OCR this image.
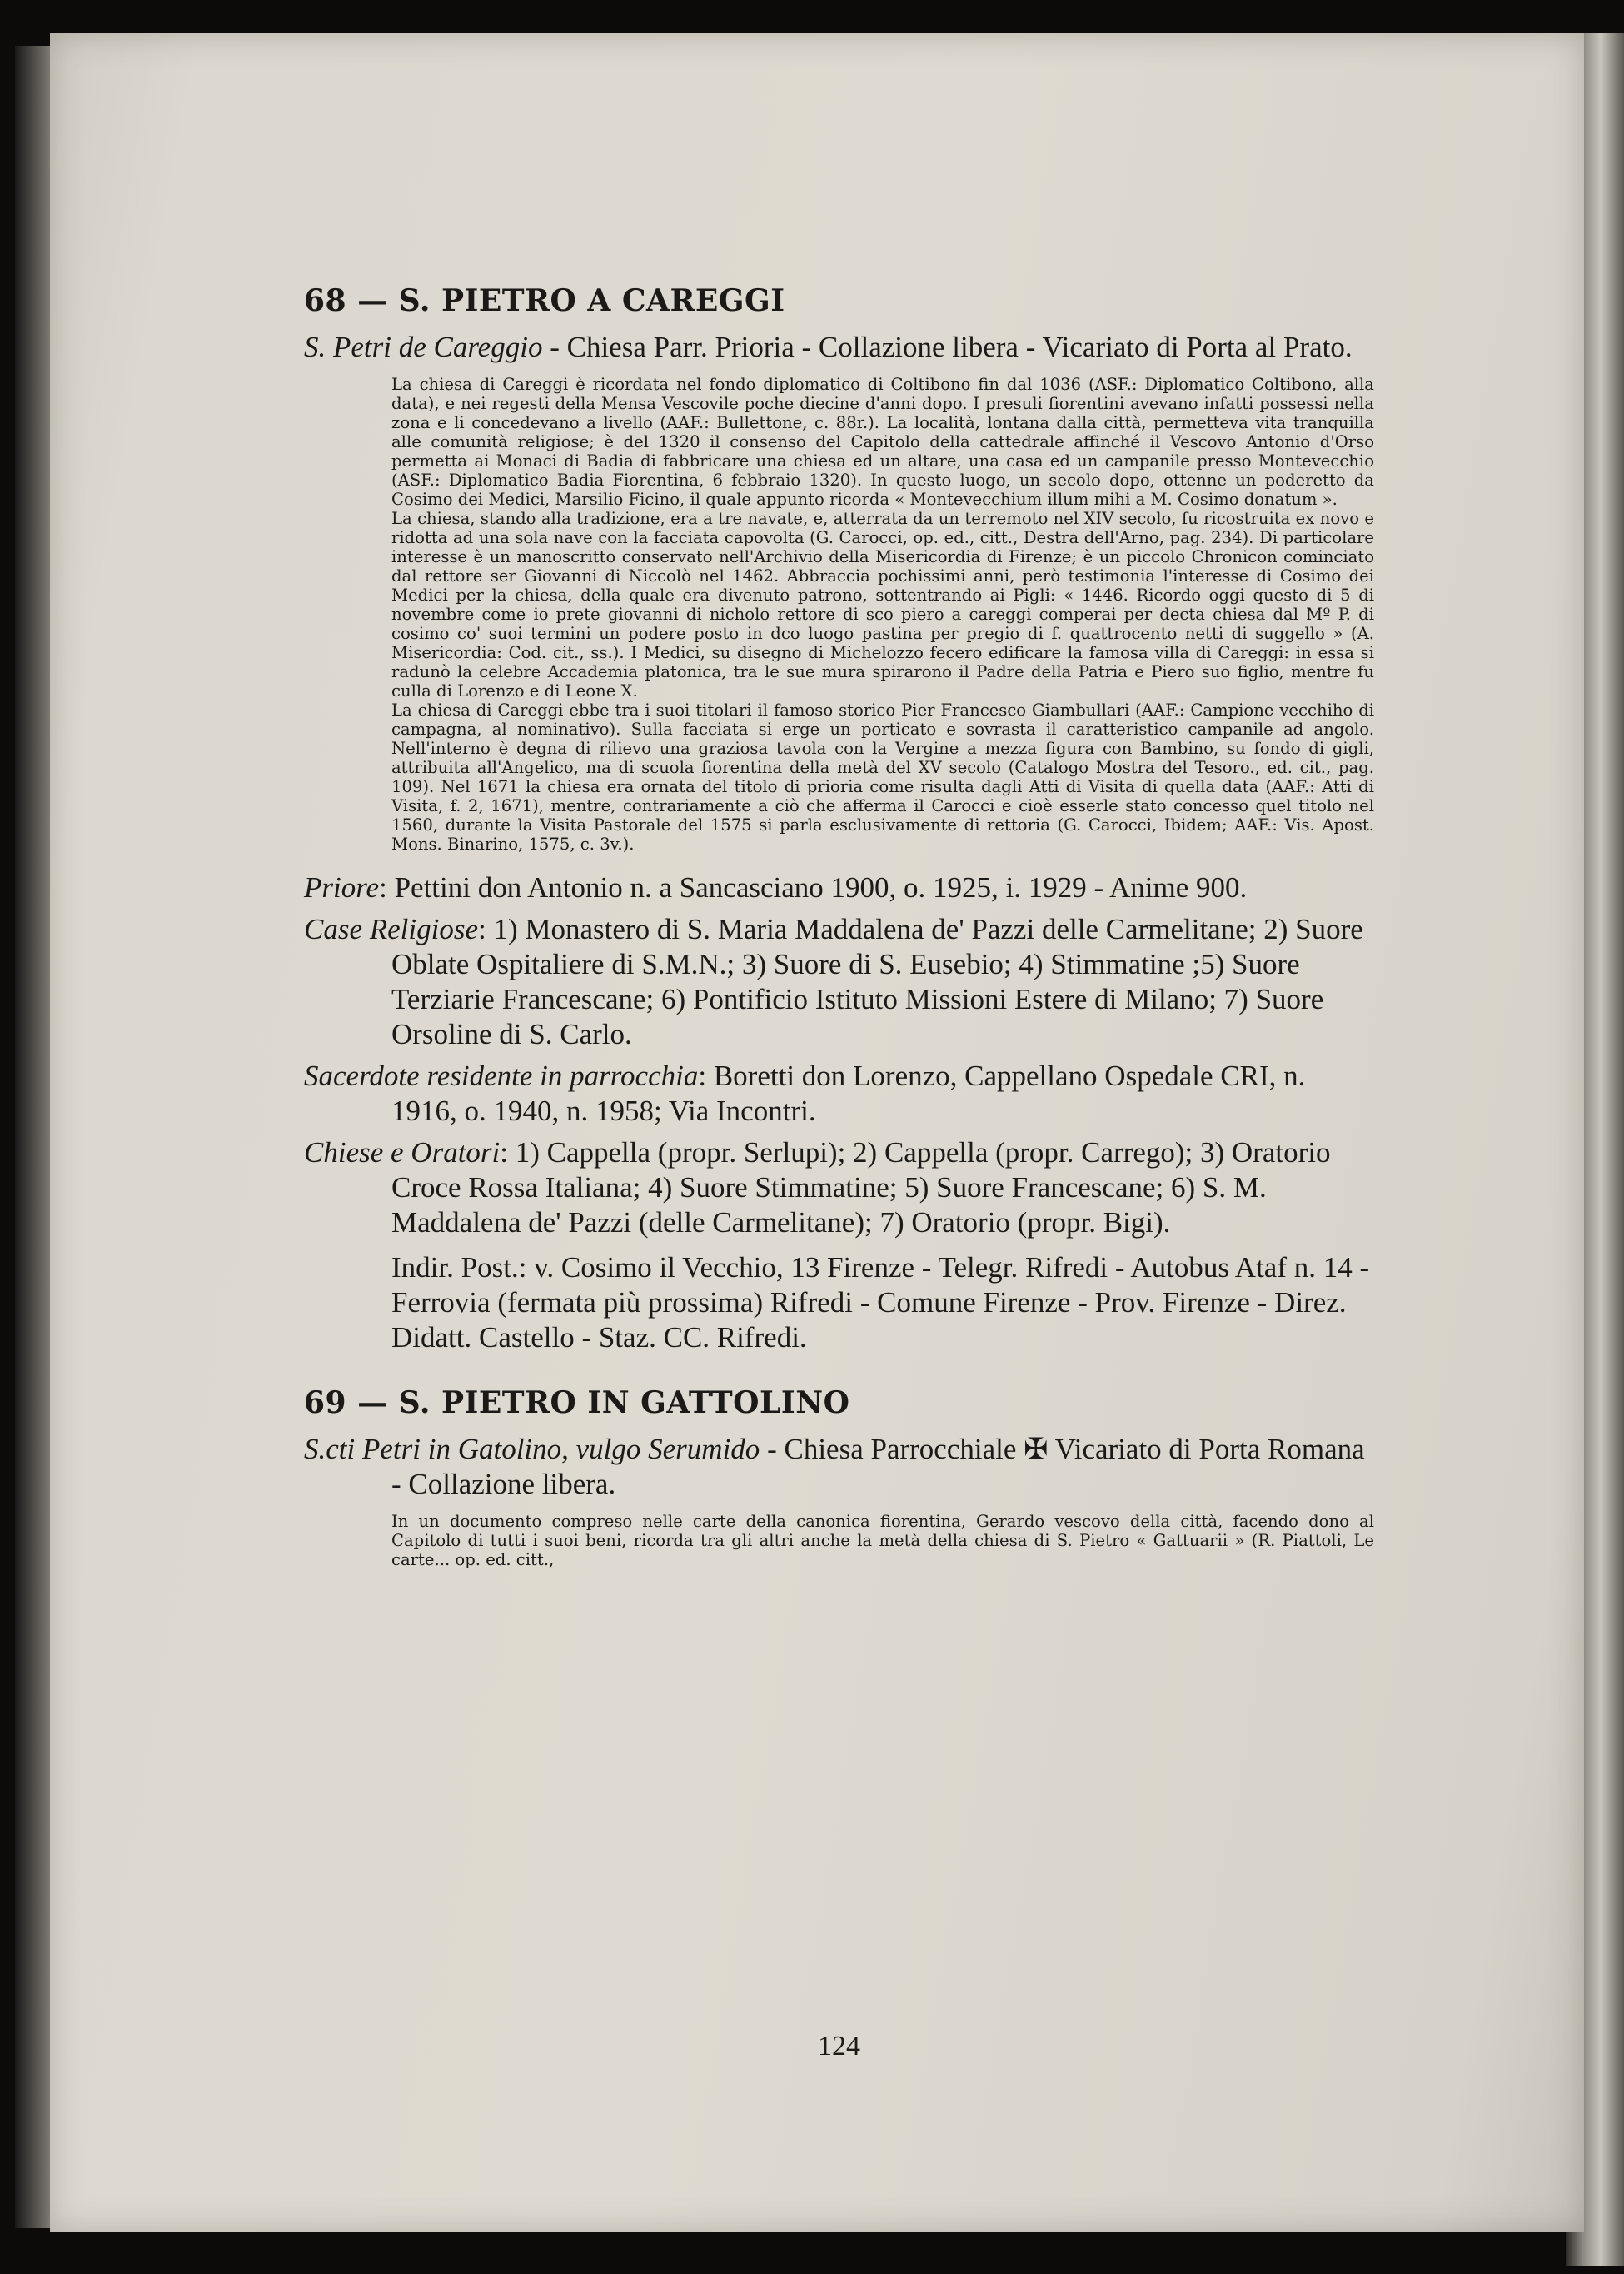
68 — S. PIETRO A CAREGGI
S. Petri de Careggio - Chiesa Parr. Prioria - Collazione libera - Vicariato di Porta al Prato.

La chiesa di Careggi è ricordata nel fondo diplomatico di Coltibono fin dal 1036 (ASF.: Diplomatico Coltibono, alla data), e nei regesti della Mensa Vescovile poche diecine d'anni dopo. I presuli fiorentini avevano infatti possessi nella zona e li concedevano a livello (AAF.: Bullettone, c. 88r.). La località, lontana dalla città, permetteva vita tranquilla alle comunità religiose; è del 1320 il consenso del Capitolo della cattedrale affinché il Vescovo Antonio d'Orso permetta ai Monaci di Badia di fabbricare una chiesa ed un altare, una casa ed un campanile presso Montevecchio (ASF.: Diplomatico Badia Fiorentina, 6 febbraio 1320). In questo luogo, un secolo dopo, ottenne un poderetto da Cosimo dei Medici, Marsilio Ficino, il quale appunto ricorda « Montevecchium illum mihi a M. Cosimo donatum ».

La chiesa, stando alla tradizione, era a tre navate, e, atterrata da un terremoto nel XIV secolo, fu ricostruita ex novo e ridotta ad una sola nave con la facciata capovolta (G. Carocci, op. ed., citt., Destra dell'Arno, pag. 234). Di particolare interesse è un manoscritto conservato nell'Archivio della Misericordia di Firenze; è un piccolo Chronicon cominciato dal rettore ser Giovanni di Niccolò nel 1462. Abbraccia pochissimi anni, però testimonia l'interesse di Cosimo dei Medici per la chiesa, della quale era divenuto patrono, sottentrando ai Pigli: « 1446. Ricordo oggi questo di 5 di novembre come io prete giovanni di nicholo rettore di sco piero a careggi comperai per decta chiesa dal Mº P. di cosimo co' suoi termini un podere posto in dco luogo pastina per pregio di f. quattrocento netti di suggello » (A. Misericordia: Cod. cit., ss.). I Medici, su disegno di Michelozzo fecero edificare la famosa villa di Careggi: in essa si radunò la celebre Accademia platonica, tra le sue mura spirarono il Padre della Patria e Piero suo figlio, mentre fu culla di Lorenzo e di Leone X.

La chiesa di Careggi ebbe tra i suoi titolari il famoso storico Pier Francesco Giambullari (AAF.: Campione vecchiho di campagna, al nominativo). Sulla facciata si erge un porticato e sovrasta il caratteristico campanile ad angolo. Nell'interno è degna di rilievo una graziosa tavola con la Vergine a mezza figura con Bambino, su fondo di gigli, attribuita all'Angelico, ma di scuola fiorentina della metà del XV secolo (Catalogo Mostra del Tesoro., ed. cit., pag. 109). Nel 1671 la chiesa era ornata del titolo di prioria come risulta dagli Atti di Visita di quella data (AAF.: Atti di Visita, f. 2, 1671), mentre, contrariamente a ciò che afferma il Carocci e cioè esserle stato concesso quel titolo nel 1560, durante la Visita Pastorale del 1575 si parla esclusivamente di rettoria (G. Carocci, Ibidem; AAF.: Vis. Apost. Mons. Binarino, 1575, c. 3v.).

Priore: Pettini don Antonio n. a Sancasciano 1900, o. 1925, i. 1929 - Anime 900.
Case Religiose: 1) Monastero di S. Maria Maddalena de' Pazzi delle Carmelitane; 2) Suore Oblate Ospitaliere di S.M.N.; 3) Suore di S. Eusebio; 4) Stimmatine ;5) Suore Terziarie Francescane; 6) Pontificio Istituto Missioni Estere di Milano; 7) Suore Orsoline di S. Carlo.
Sacerdote residente in parrocchia: Boretti don Lorenzo, Cappellano Ospedale CRI, n. 1916, o. 1940, n. 1958; Via Incontri.
Chiese e Oratori: 1) Cappella (propr. Serlupi); 2) Cappella (propr. Carrego); 3) Oratorio Croce Rossa Italiana; 4) Suore Stimmatine; 5) Suore Francescane; 6) S. M. Maddalena de' Pazzi (delle Carmelitane); 7) Oratorio (propr. Bigi).
Indir. Post.: v. Cosimo il Vecchio, 13 Firenze - Telegr. Rifredi - Autobus Ataf n. 14 - Ferrovia (fermata più prossima) Rifredi - Comune Firenze - Prov. Firenze - Direz. Didatt. Castello - Staz. CC. Rifredi.
69 — S. PIETRO IN GATTOLINO
S.cti Petri in Gatolino, vulgo Serumido - Chiesa Parrocchiale ✠ Vicariato di Porta Romana - Collazione libera.

In un documento compreso nelle carte della canonica fiorentina, Gerardo vescovo della città, facendo dono al Capitolo di tutti i suoi beni, ricorda tra gli altri anche la metà della chiesa di S. Pietro « Gattuarii » (R. Piattoli, Le carte... op. ed. citt.,

124
